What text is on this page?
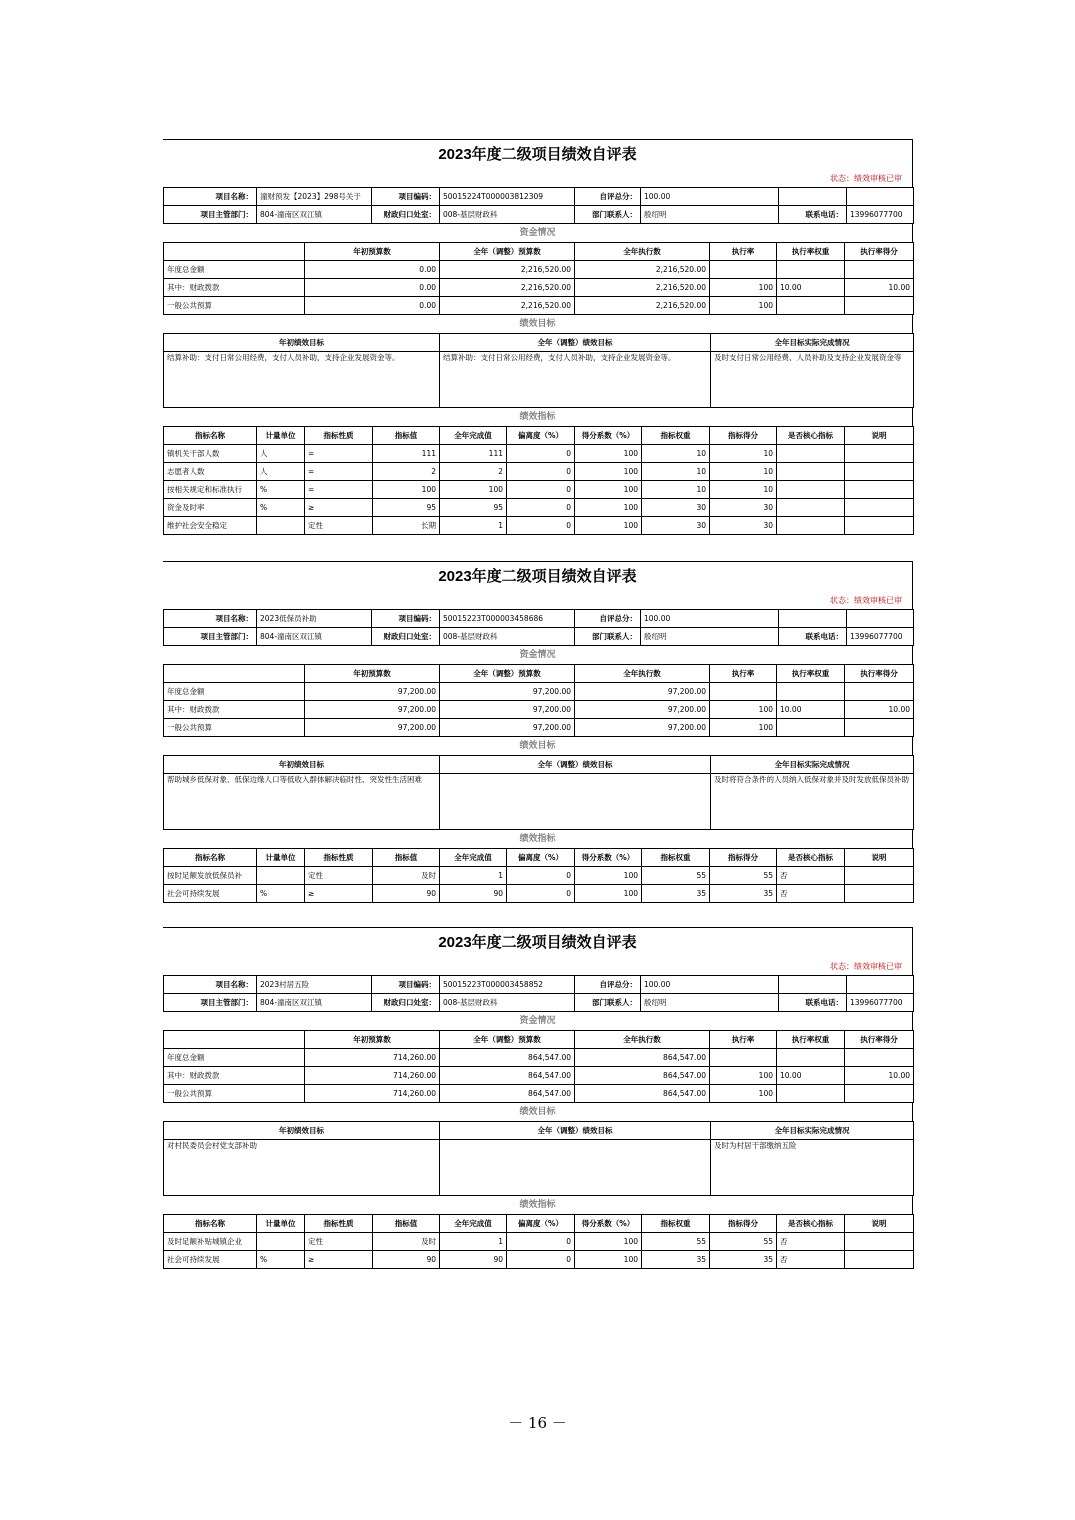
2023年度二级项目绩效自评表
状态：绩效审核已审
项目名称：	潼财预发【2023】298号关于	项目编码：	50015224T000003812309	自评总分：	100.00		
项目主管部门：	804-潼南区双江镇	财政归口处室：	008-基层财政科	部门联系人：	殷绍明	联系电话：	13996077700
资金情况
	年初预算数	全年（调整）预算数	全年执行数	执行率	执行率权重	执行率得分
年度总金额	0.00	2,216,520.00	2,216,520.00			
其中：财政拨款	0.00	2,216,520.00	2,216,520.00	100	10.00	10.00
一般公共预算	0.00	2,216,520.00	2,216,520.00	100		
绩效目标
年初绩效目标	全年（调整）绩效目标	全年目标实际完成情况
结算补助：支付日常公用经费，支付人员补助，支持企业发展资金等。	结算补助：支付日常公用经费，支付人员补助，支持企业发展资金等。	及时支付日常公用经费、人员补助及支持企业发展资金等
绩效指标
指标名称	计量单位	指标性质	指标值	全年完成值	偏离度（%）	得分系数（%）	指标权重	指标得分	是否核心指标	说明
镇机关干部人数	人	=	111	111	0	100	10	10		
志愿者人数	人	=	2	2	0	100	10	10		
按相关规定和标准执行	%	=	100	100	0	100	10	10		
资金及时率	%	≥	95	95	0	100	30	30		
维护社会安全稳定		定性	长期	1	0	100	30	30		
2023年度二级项目绩效自评表
状态：绩效审核已审
项目名称：	2023低保员补助	项目编码：	50015223T000003458686	自评总分：	100.00		
项目主管部门：	804-潼南区双江镇	财政归口处室：	008-基层财政科	部门联系人：	殷绍明	联系电话：	13996077700
资金情况
	年初预算数	全年（调整）预算数	全年执行数	执行率	执行率权重	执行率得分
年度总金额	97,200.00	97,200.00	97,200.00			
其中：财政拨款	97,200.00	97,200.00	97,200.00	100	10.00	10.00
一般公共预算	97,200.00	97,200.00	97,200.00	100		
绩效目标
年初绩效目标	全年（调整）绩效目标	全年目标实际完成情况
帮助城乡低保对象、低保边缘人口等低收入群体解决临时性、突发性生活困难		及时将符合条件的人员纳入低保对象并及时发放低保员补助
绩效指标
指标名称	计量单位	指标性质	指标值	全年完成值	偏离度（%）	得分系数（%）	指标权重	指标得分	是否核心指标	说明
按时足额发放低保员补		定性	及时	1	0	100	55	55	否	
社会可持续发展	%	≥	90	90	0	100	35	35	否	
2023年度二级项目绩效自评表
状态：绩效审核已审
项目名称：	2023村居五险	项目编码：	50015223T000003458852	自评总分：	100.00		
项目主管部门：	804-潼南区双江镇	财政归口处室：	008-基层财政科	部门联系人：	殷绍明	联系电话：	13996077700
资金情况
	年初预算数	全年（调整）预算数	全年执行数	执行率	执行率权重	执行率得分
年度总金额	714,260.00	864,547.00	864,547.00			
其中：财政拨款	714,260.00	864,547.00	864,547.00	100	10.00	10.00
一般公共预算	714,260.00	864,547.00	864,547.00	100		
绩效目标
年初绩效目标	全年（调整）绩效目标	全年目标实际完成情况
对村民委员会村党支部补助		及时为村居干部缴纳五险
绩效指标
指标名称	计量单位	指标性质	指标值	全年完成值	偏离度（%）	得分系数（%）	指标权重	指标得分	是否核心指标	说明
及时足额补贴城镇企业		定性	及时	1	0	100	55	55	否	
社会可持续发展	%	≥	90	90	0	100	35	35	否	
－ 16 －
